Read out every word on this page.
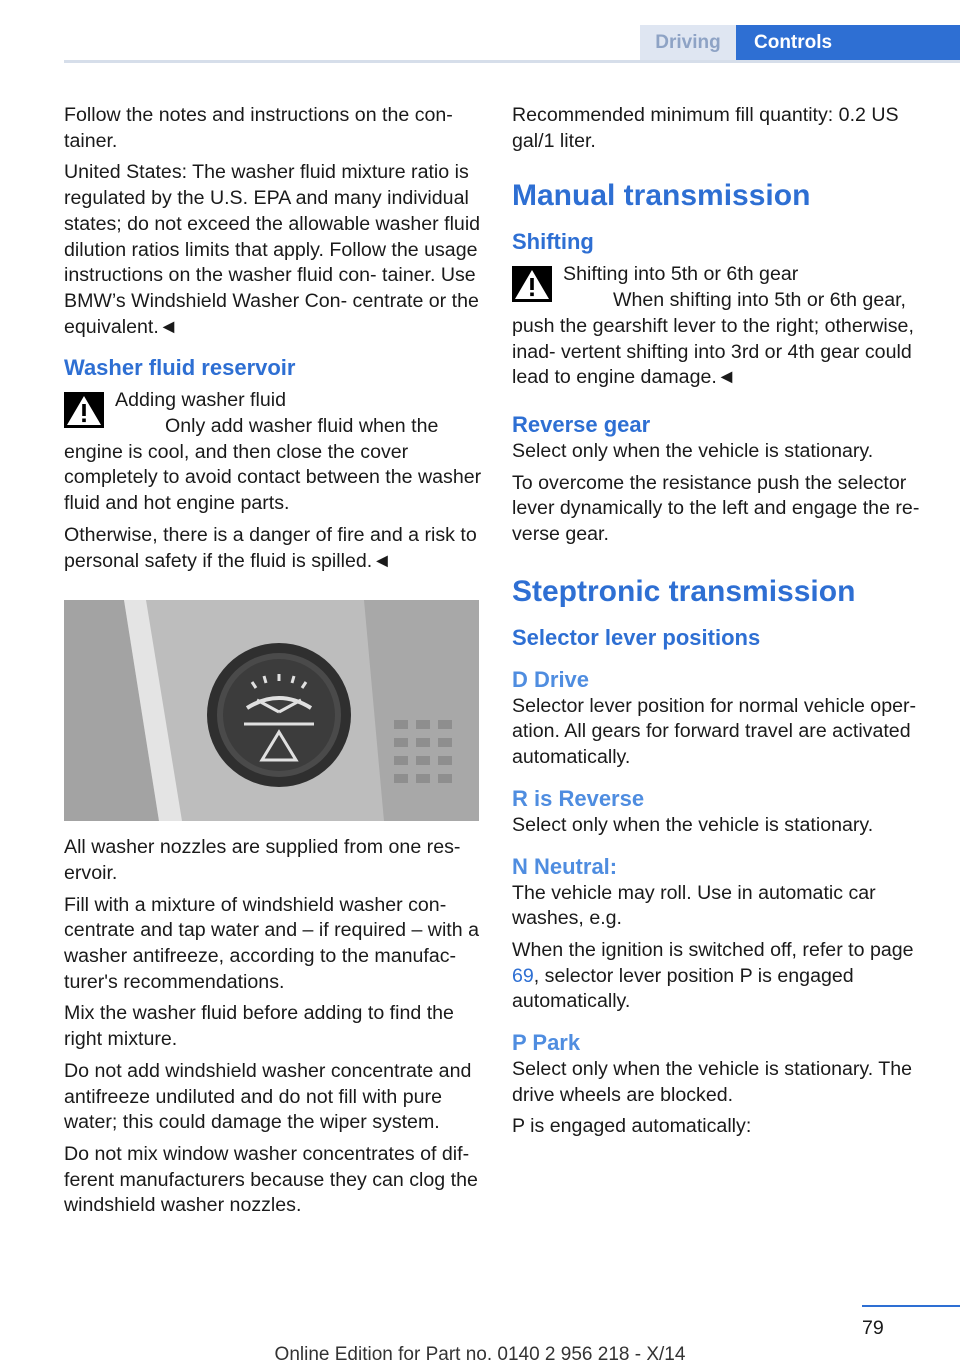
Driving	Controls

Follow the notes and instructions on the con‐ tainer.

United States: The washer fluid mixture ratio is regulated by the U.S. EPA and many individual states; do not exceed the allowable washer fluid dilution ratios limits that apply. Follow the usage instructions on the washer fluid con‐ tainer. Use BMW’s Windshield Washer Con‐ centrate or the equivalent.◄

Washer fluid reservoir
Adding washer fluid
Only add washer fluid when the engine is cool, and then close the cover completely to avoid contact between the washer fluid and hot engine parts.

Otherwise, there is a danger of fire and a risk to personal safety if the fluid is spilled.◄

All washer nozzles are supplied from one res‐ ervoir.

Fill with a mixture of windshield washer con‐ centrate and tap water and – if required – with a washer antifreeze, according to the manufac‐ turer's recommendations.

Mix the washer fluid before adding to find the right mixture.

Do not add windshield washer concentrate and antifreeze undiluted and do not fill with pure water; this could damage the wiper system.

Do not mix window washer concentrates of dif‐ ferent manufacturers because they can clog the windshield washer nozzles.

Recommended minimum fill quantity: 0.2 US gal/1 liter.

Manual transmission
Shifting
Shifting into 5th or 6th gear
When shifting into 5th or 6th gear, push the gearshift lever to the right; otherwise, inad‐ vertent shifting into 3rd or 4th gear could lead to engine damage.◄
Reverse gear

Select only when the vehicle is stationary.

To overcome the resistance push the selector lever dynamically to the left and engage the re‐ verse gear.

Steptronic transmission
Selector lever positions
D Drive

Selector lever position for normal vehicle oper‐ ation. All gears for forward travel are activated automatically.

R is Reverse

Select only when the vehicle is stationary.

N Neutral:

The vehicle may roll. Use in automatic car washes, e.g.

When the ignition is switched off, refer to page 69, selector lever position P is engaged automatically.

P Park

Select only when the vehicle is stationary. The drive wheels are blocked.

P is engaged automatically:

79
Online Edition for Part no. 0140 2 956 218 - X/14
